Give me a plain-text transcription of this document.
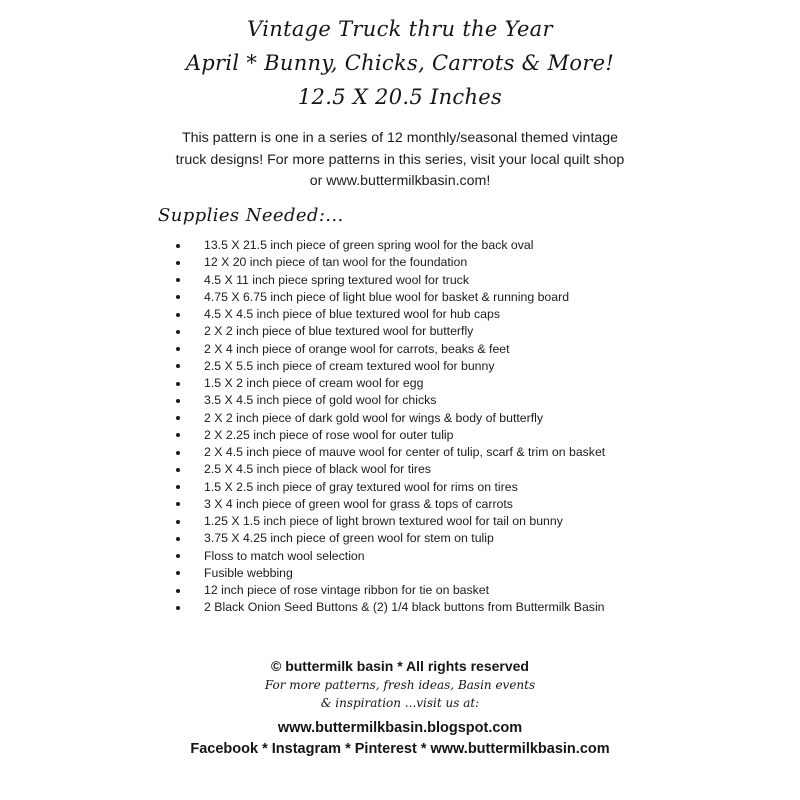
Vintage Truck thru the Year
April * Bunny, Chicks, Carrots & More!
12.5 X 20.5 Inches
This pattern is one in a series of 12 monthly/seasonal themed vintage
truck designs! For more patterns in this series, visit your local quilt shop
or www.buttermilkbasin.com!
Supplies Needed:...
13.5 X 21.5 inch piece of green spring wool for the back oval
12 X 20 inch piece of tan wool for the foundation
4.5 X 11 inch piece spring textured wool for truck
4.75 X 6.75 inch piece of light blue wool for basket & running board
4.5 X 4.5 inch piece of blue textured wool for hub caps
2 X 2 inch piece of blue textured wool for butterfly
2 X 4 inch piece of orange wool for carrots, beaks & feet
2.5 X 5.5 inch piece of cream textured wool for bunny
1.5 X 2 inch piece of cream wool for egg
3.5 X 4.5 inch piece of gold wool for chicks
2 X 2 inch piece of dark gold wool for wings & body of butterfly
2 X 2.25 inch piece of rose wool for outer tulip
2 X 4.5 inch piece of mauve wool for center of tulip, scarf & trim on basket
2.5 X 4.5 inch piece of black wool for tires
1.5 X 2.5 inch piece of gray textured wool for rims on tires
3 X 4 inch piece of green wool for grass & tops of carrots
1.25 X 1.5 inch piece of light brown textured wool for tail on bunny
3.75 X 4.25 inch piece of green wool for stem on tulip
Floss to match wool selection
Fusible webbing
12 inch piece of rose vintage ribbon for tie on basket
2 Black Onion Seed Buttons & (2) 1/4 black buttons from Buttermilk Basin
© buttermilk basin * All rights reserved
For more patterns, fresh ideas, Basin events
& inspiration ...visit us at:
www.buttermilkbasin.blogspot.com
Facebook * Instagram * Pinterest * www.buttermilkbasin.com
